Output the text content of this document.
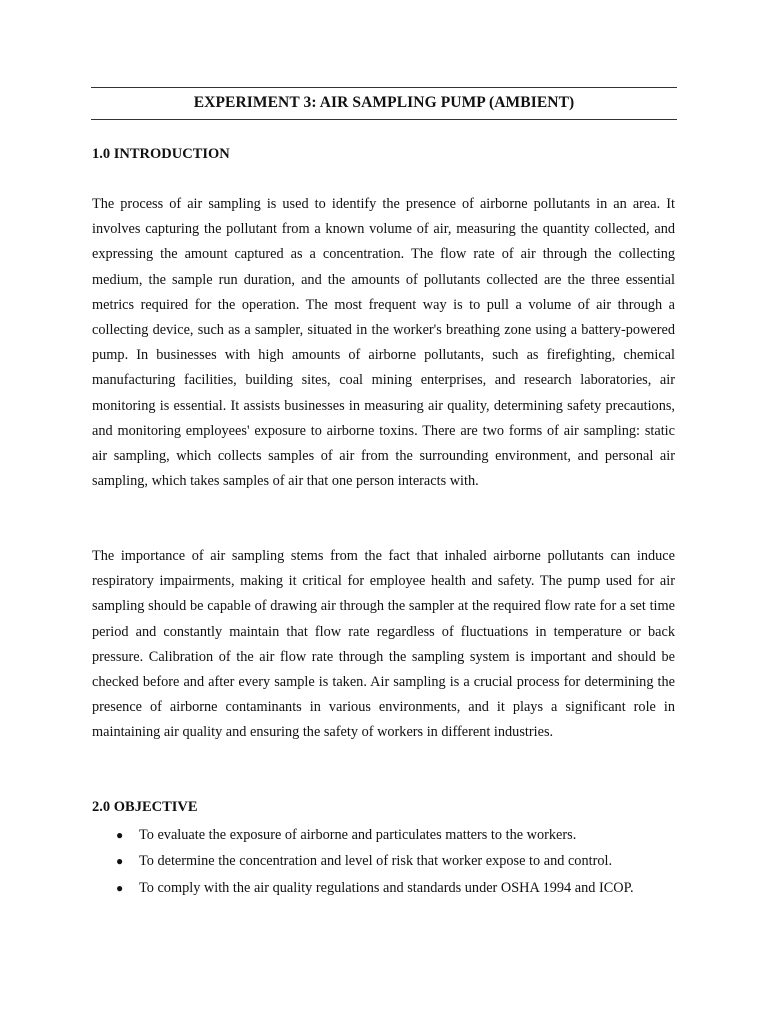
EXPERIMENT 3: AIR SAMPLING PUMP (AMBIENT)
1.0 INTRODUCTION

The process of air sampling is used to identify the presence of airborne pollutants in an area. It involves capturing the pollutant from a known volume of air, measuring the quantity collected, and expressing the amount captured as a concentration. The flow rate of air through the collecting medium, the sample run duration, and the amounts of pollutants collected are the three essential metrics required for the operation. The most frequent way is to pull a volume of air through a collecting device, such as a sampler, situated in the worker's breathing zone using a battery-powered pump. In businesses with high amounts of airborne pollutants, such as firefighting, chemical manufacturing facilities, building sites, coal mining enterprises, and research laboratories, air monitoring is essential. It assists businesses in measuring air quality, determining safety precautions, and monitoring employees' exposure to airborne toxins. There are two forms of air sampling: static air sampling, which collects samples of air from the surrounding environment, and personal air sampling, which takes samples of air that one person interacts with.

The importance of air sampling stems from the fact that inhaled airborne pollutants can induce respiratory impairments, making it critical for employee health and safety. The pump used for air sampling should be capable of drawing air through the sampler at the required flow rate for a set time period and constantly maintain that flow rate regardless of fluctuations in temperature or back pressure. Calibration of the air flow rate through the sampling system is important and should be checked before and after every sample is taken. Air sampling is a crucial process for determining the presence of airborne contaminants in various environments, and it plays a significant role in maintaining air quality and ensuring the safety of workers in different industries.

2.0 OBJECTIVE
● To evaluate the exposure of airborne and particulates matters to the workers.
● To determine the concentration and level of risk that worker expose to and control.
● To comply with the air quality regulations and standards under OSHA 1994 and ICOP.
